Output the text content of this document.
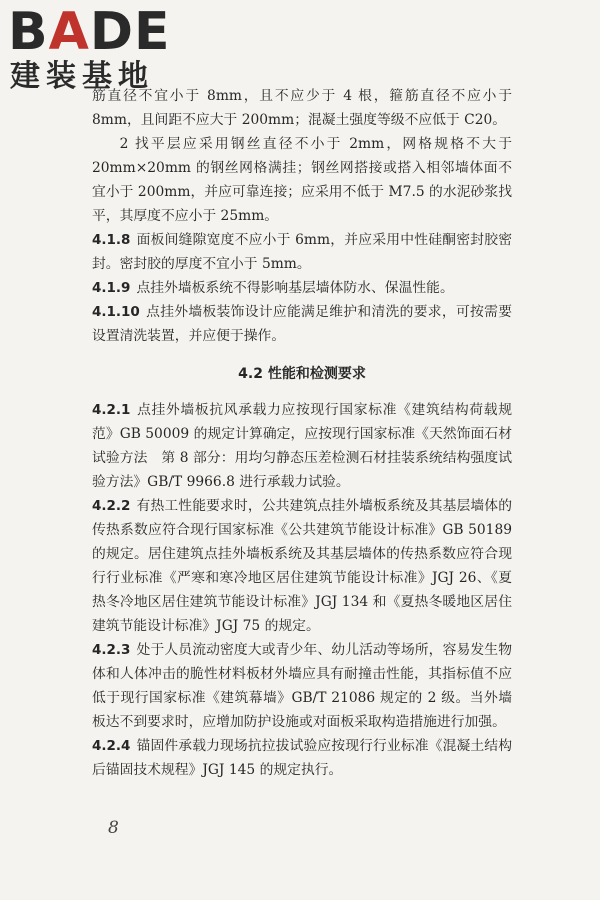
BADE
建装基地

筋直径不宜小于 8mm，且不应少于 4 根，箍筋直径不应小于 8mm，且间距不应大于 200mm；混凝土强度等级不应低于 C20。

2 找平层应采用钢丝直径不小于 2mm，网格规格不大于 20mm×20mm 的钢丝网格满挂；钢丝网搭接或搭入相邻墙体面不宜小于 200mm，并应可靠连接；应采用不低于 M7.5 的水泥砂浆找平，其厚度不应小于 25mm。

4.1.8 面板间缝隙宽度不应小于 6mm，并应采用中性硅酮密封胶密封。密封胶的厚度不宜小于 5mm。

4.1.9 点挂外墙板系统不得影响基层墙体防水、保温性能。

4.1.10 点挂外墙板装饰设计应能满足维护和清洗的要求，可按需要设置清洗装置，并应便于操作。

4.2 性能和检测要求

4.2.1 点挂外墙板抗风承载力应按现行国家标准《建筑结构荷载规范》GB 50009 的规定计算确定，应按现行国家标准《天然饰面石材试验方法　第 8 部分：用均匀静态压差检测石材挂装系统结构强度试验方法》GB/T 9966.8 进行承载力试验。

4.2.2 有热工性能要求时，公共建筑点挂外墙板系统及其基层墙体的传热系数应符合现行国家标准《公共建筑节能设计标准》GB 50189 的规定。居住建筑点挂外墙板系统及其基层墙体的传热系数应符合现行行业标准《严寒和寒冷地区居住建筑节能设计标准》JGJ 26、《夏热冬冷地区居住建筑节能设计标准》JGJ 134 和《夏热冬暖地区居住建筑节能设计标准》JGJ 75 的规定。

4.2.3 处于人员流动密度大或青少年、幼儿活动等场所，容易发生物体和人体冲击的脆性材料板材外墙应具有耐撞击性能，其指标值不应低于现行国家标准《建筑幕墙》GB/T 21086 规定的 2 级。当外墙板达不到要求时，应增加防护设施或对面板采取构造措施进行加强。

4.2.4 锚固件承载力现场抗拉拔试验应按现行行业标准《混凝土结构后锚固技术规程》JGJ 145 的规定执行。

8
